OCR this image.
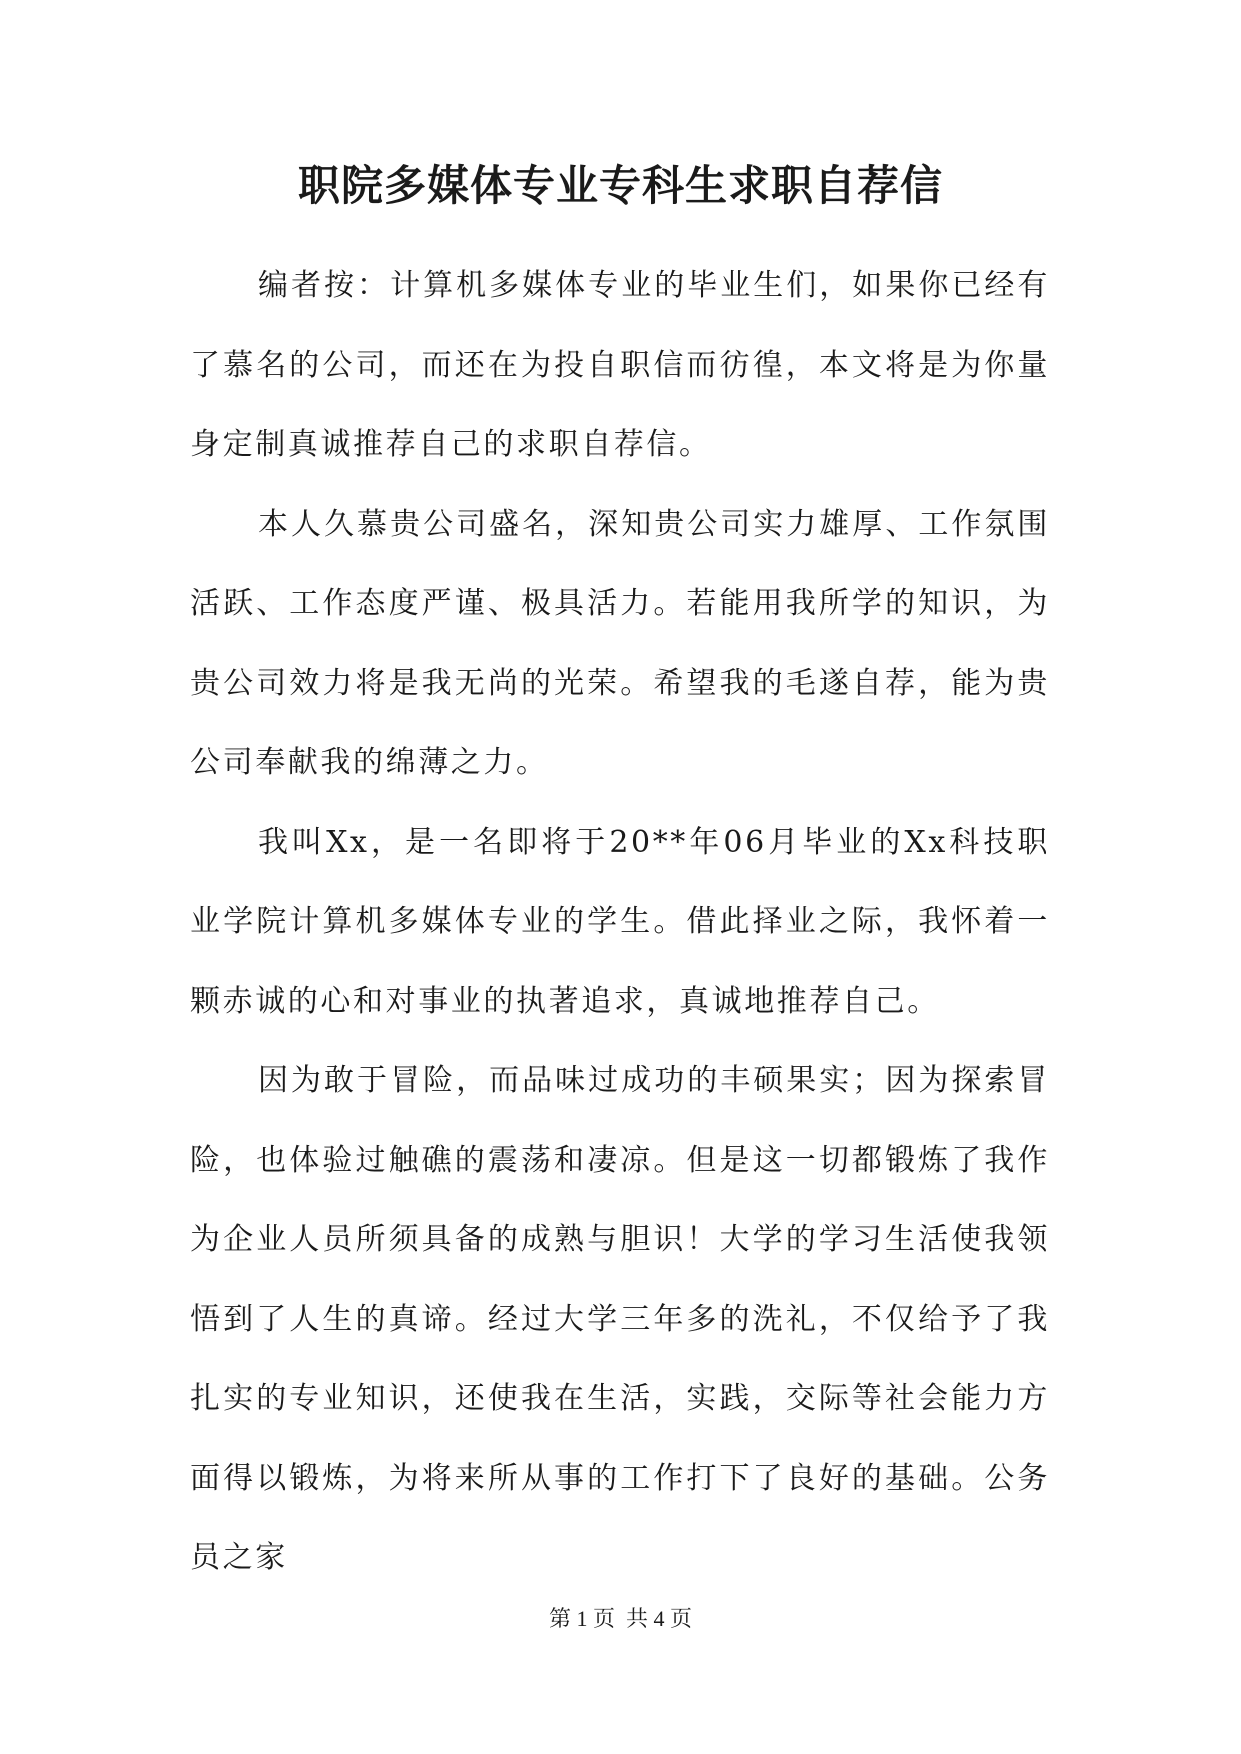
职院多媒体专业专科生求职自荐信

编者按：计算机多媒体专业的毕业生们，如果你已经有了慕名的公司，而还在为投自职信而彷徨，本文将是为你量身定制真诚推荐自己的求职自荐信。

本人久慕贵公司盛名，深知贵公司实力雄厚、工作氛围活跃、工作态度严谨、极具活力。若能用我所学的知识，为贵公司效力将是我无尚的光荣。希望我的毛遂自荐，能为贵公司奉献我的绵薄之力。

我叫Xx，是一名即将于20**年06月毕业的Xx科技职业学院计算机多媒体专业的学生。借此择业之际，我怀着一颗赤诚的心和对事业的执著追求，真诚地推荐自己。

因为敢于冒险，而品味过成功的丰硕果实；因为探索冒险，也体验过触礁的震荡和凄凉。但是这一切都锻炼了我作为企业人员所须具备的成熟与胆识！大学的学习生活使我领悟到了人生的真谛。经过大学三年多的洗礼，不仅给予了我扎实的专业知识，还使我在生活，实践，交际等社会能力方面得以锻炼，为将来所从事的工作打下了良好的基础。公务员之家

第 1 页  共 4 页
